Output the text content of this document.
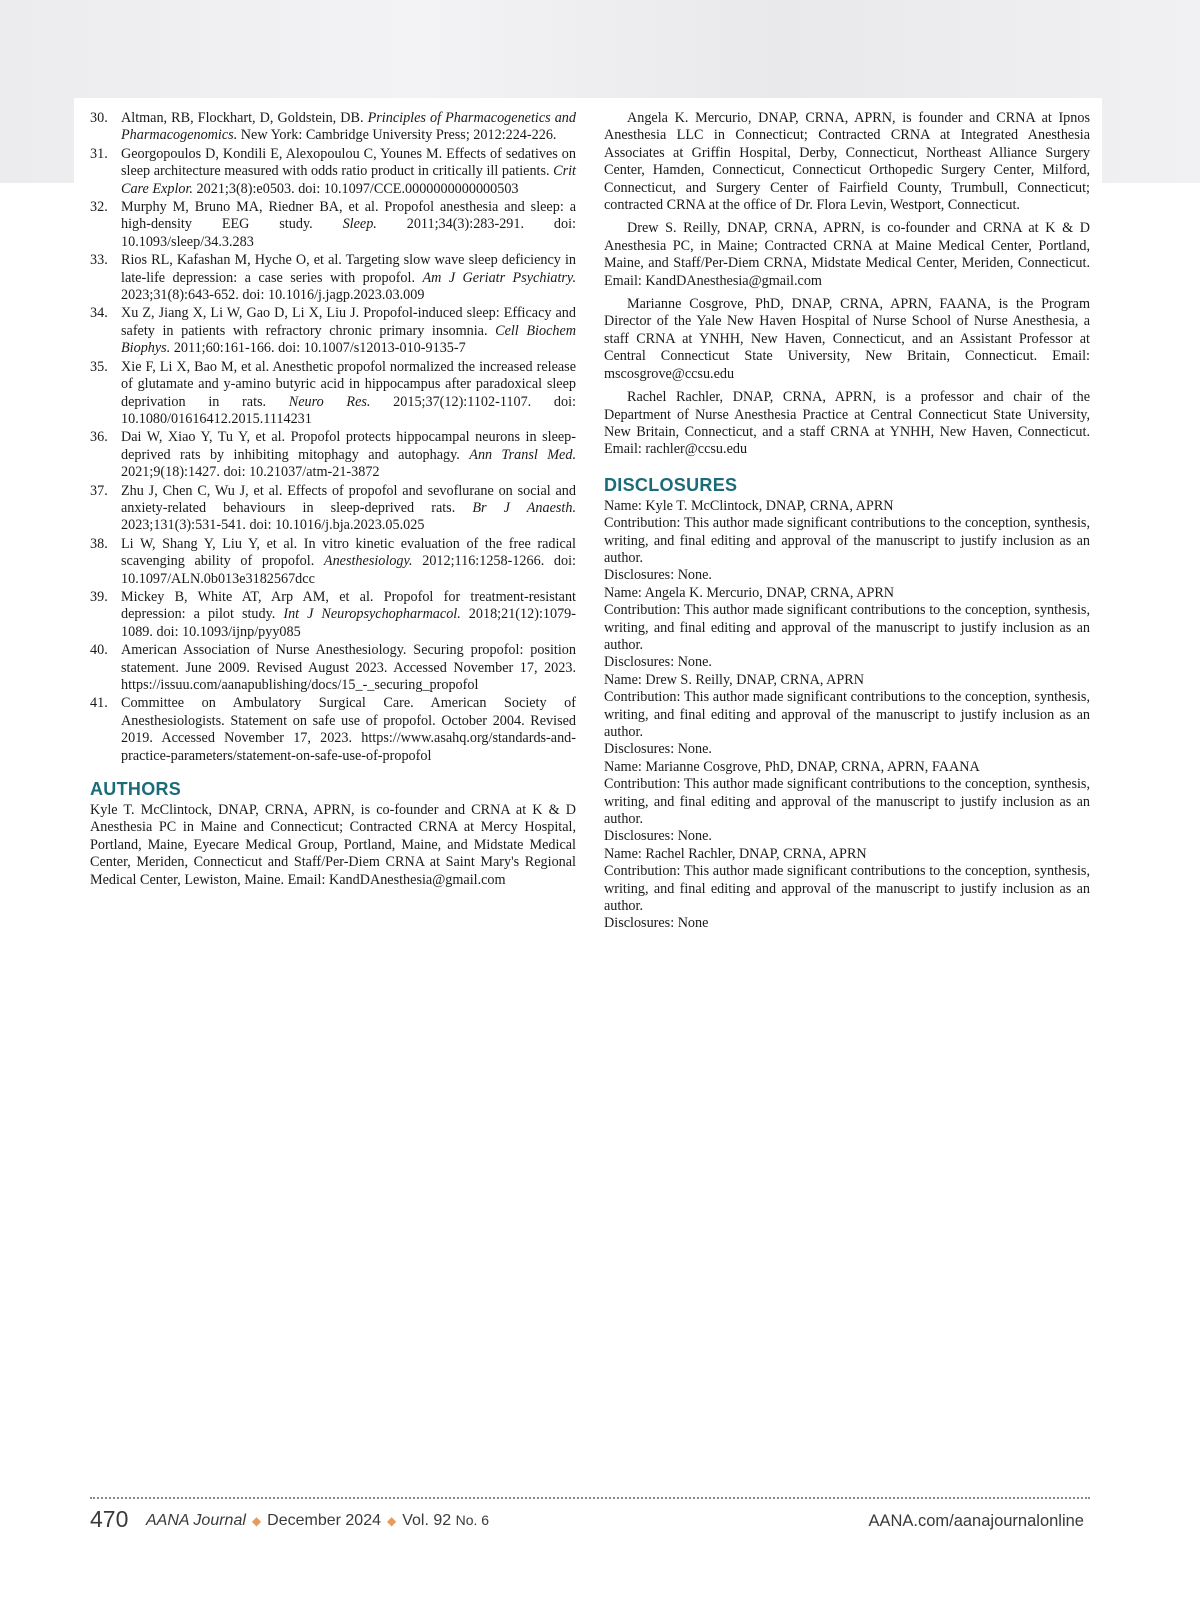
30. Altman, RB, Flockhart, D, Goldstein, DB. Principles of Pharmacogenetics and Pharmacogenomics. New York: Cambridge University Press; 2012:224-226.
31. Georgopoulos D, Kondili E, Alexopoulou C, Younes M. Effects of sedatives on sleep architecture measured with odds ratio product in critically ill patients. Crit Care Explor. 2021;3(8):e0503. doi: 10.1097/CCE.0000000000000503
32. Murphy M, Bruno MA, Riedner BA, et al. Propofol anesthesia and sleep: a high-density EEG study. Sleep. 2011;34(3):283-291. doi: 10.1093/sleep/34.3.283
33. Rios RL, Kafashan M, Hyche O, et al. Targeting slow wave sleep deficiency in late-life depression: a case series with propofol. Am J Geriatr Psychiatry. 2023;31(8):643-652. doi: 10.1016/j.jagp.2023.03.009
34. Xu Z, Jiang X, Li W, Gao D, Li X, Liu J. Propofol-induced sleep: Efficacy and safety in patients with refractory chronic primary insomnia. Cell Biochem Biophys. 2011;60:161-166. doi: 10.1007/s12013-010-9135-7
35. Xie F, Li X, Bao M, et al. Anesthetic propofol normalized the increased release of glutamate and y-amino butyric acid in hippocampus after paradoxical sleep deprivation in rats. Neuro Res. 2015;37(12):1102-1107. doi: 10.1080/01616412.2015.1114231
36. Dai W, Xiao Y, Tu Y, et al. Propofol protects hippocampal neurons in sleep-deprived rats by inhibiting mitophagy and autophagy. Ann Transl Med. 2021;9(18):1427. doi: 10.21037/atm-21-3872
37. Zhu J, Chen C, Wu J, et al. Effects of propofol and sevoflurane on social and anxiety-related behaviours in sleep-deprived rats. Br J Anaesth. 2023;131(3):531-541. doi: 10.1016/j.bja.2023.05.025
38. Li W, Shang Y, Liu Y, et al. In vitro kinetic evaluation of the free radical scavenging ability of propofol. Anesthesiology. 2012;116:1258-1266. doi: 10.1097/ALN.0b013e3182567dcc
39. Mickey B, White AT, Arp AM, et al. Propofol for treatment-resistant depression: a pilot study. Int J Neuropsychopharmacol. 2018;21(12):1079-1089. doi: 10.1093/ijnp/pyy085
40. American Association of Nurse Anesthesiology. Securing propofol: position statement. June 2009. Revised August 2023. Accessed November 17, 2023. https://issuu.com/aanapublishing/docs/15_-_securing_propofol
41. Committee on Ambulatory Surgical Care. American Society of Anesthesiologists. Statement on safe use of propofol. October 2004. Revised 2019. Accessed November 17, 2023. https://www.asahq.org/standards-and-practice-parameters/statement-on-safe-use-of-propofol
AUTHORS

Kyle T. McClintock, DNAP, CRNA, APRN, is co-founder and CRNA at K & D Anesthesia PC in Maine and Connecticut; Contracted CRNA at Mercy Hospital, Portland, Maine, Eyecare Medical Group, Portland, Maine, and Midstate Medical Center, Meriden, Connecticut and Staff/Per-Diem CRNA at Saint Mary's Regional Medical Center, Lewiston, Maine. Email: KandDAnesthesia@gmail.com

Angela K. Mercurio, DNAP, CRNA, APRN, is founder and CRNA at Ipnos Anesthesia LLC in Connecticut; Contracted CRNA at Integrated Anesthesia Associates at Griffin Hospital, Derby, Connecticut, Northeast Alliance Surgery Center, Hamden, Connecticut, Connecticut Orthopedic Surgery Center, Milford, Connecticut, and Surgery Center of Fairfield County, Trumbull, Connecticut; contracted CRNA at the office of Dr. Flora Levin, Westport, Connecticut.

Drew S. Reilly, DNAP, CRNA, APRN, is co-founder and CRNA at K & D Anesthesia PC, in Maine; Contracted CRNA at Maine Medical Center, Portland, Maine, and Staff/Per-Diem CRNA, Midstate Medical Center, Meriden, Connecticut. Email: KandDAnesthesia@gmail.com

Marianne Cosgrove, PhD, DNAP, CRNA, APRN, FAANA, is the Program Director of the Yale New Haven Hospital of Nurse School of Nurse Anesthesia, a staff CRNA at YNHH, New Haven, Connecticut, and an Assistant Professor at Central Connecticut State University, New Britain, Connecticut. Email: mscosgrove@ccsu.edu

Rachel Rachler, DNAP, CRNA, APRN, is a professor and chair of the Department of Nurse Anesthesia Practice at Central Connecticut State University, New Britain, Connecticut, and a staff CRNA at YNHH, New Haven, Connecticut. Email: rachler@ccsu.edu

DISCLOSURES

Name: Kyle T. McClintock, DNAP, CRNA, APRN

Contribution: This author made significant contributions to the conception, synthesis, writing, and final editing and approval of the manuscript to justify inclusion as an author.

Disclosures: None.

Name: Angela K. Mercurio, DNAP, CRNA, APRN

Contribution: This author made significant contributions to the conception, synthesis, writing, and final editing and approval of the manuscript to justify inclusion as an author.

Disclosures: None.

Name: Drew S. Reilly, DNAP, CRNA, APRN

Contribution: This author made significant contributions to the conception, synthesis, writing, and final editing and approval of the manuscript to justify inclusion as an author.

Disclosures: None.

Name: Marianne Cosgrove, PhD, DNAP, CRNA, APRN, FAANA

Contribution: This author made significant contributions to the conception, synthesis, writing, and final editing and approval of the manuscript to justify inclusion as an author.

Disclosures: None.

Name: Rachel Rachler, DNAP, CRNA, APRN

Contribution: This author made significant contributions to the conception, synthesis, writing, and final editing and approval of the manuscript to justify inclusion as an author.

Disclosures: None

470 AANA Journal ◆ December 2024 ◆ Vol. 92 No. 6	AANA.com/aanajournalonline
